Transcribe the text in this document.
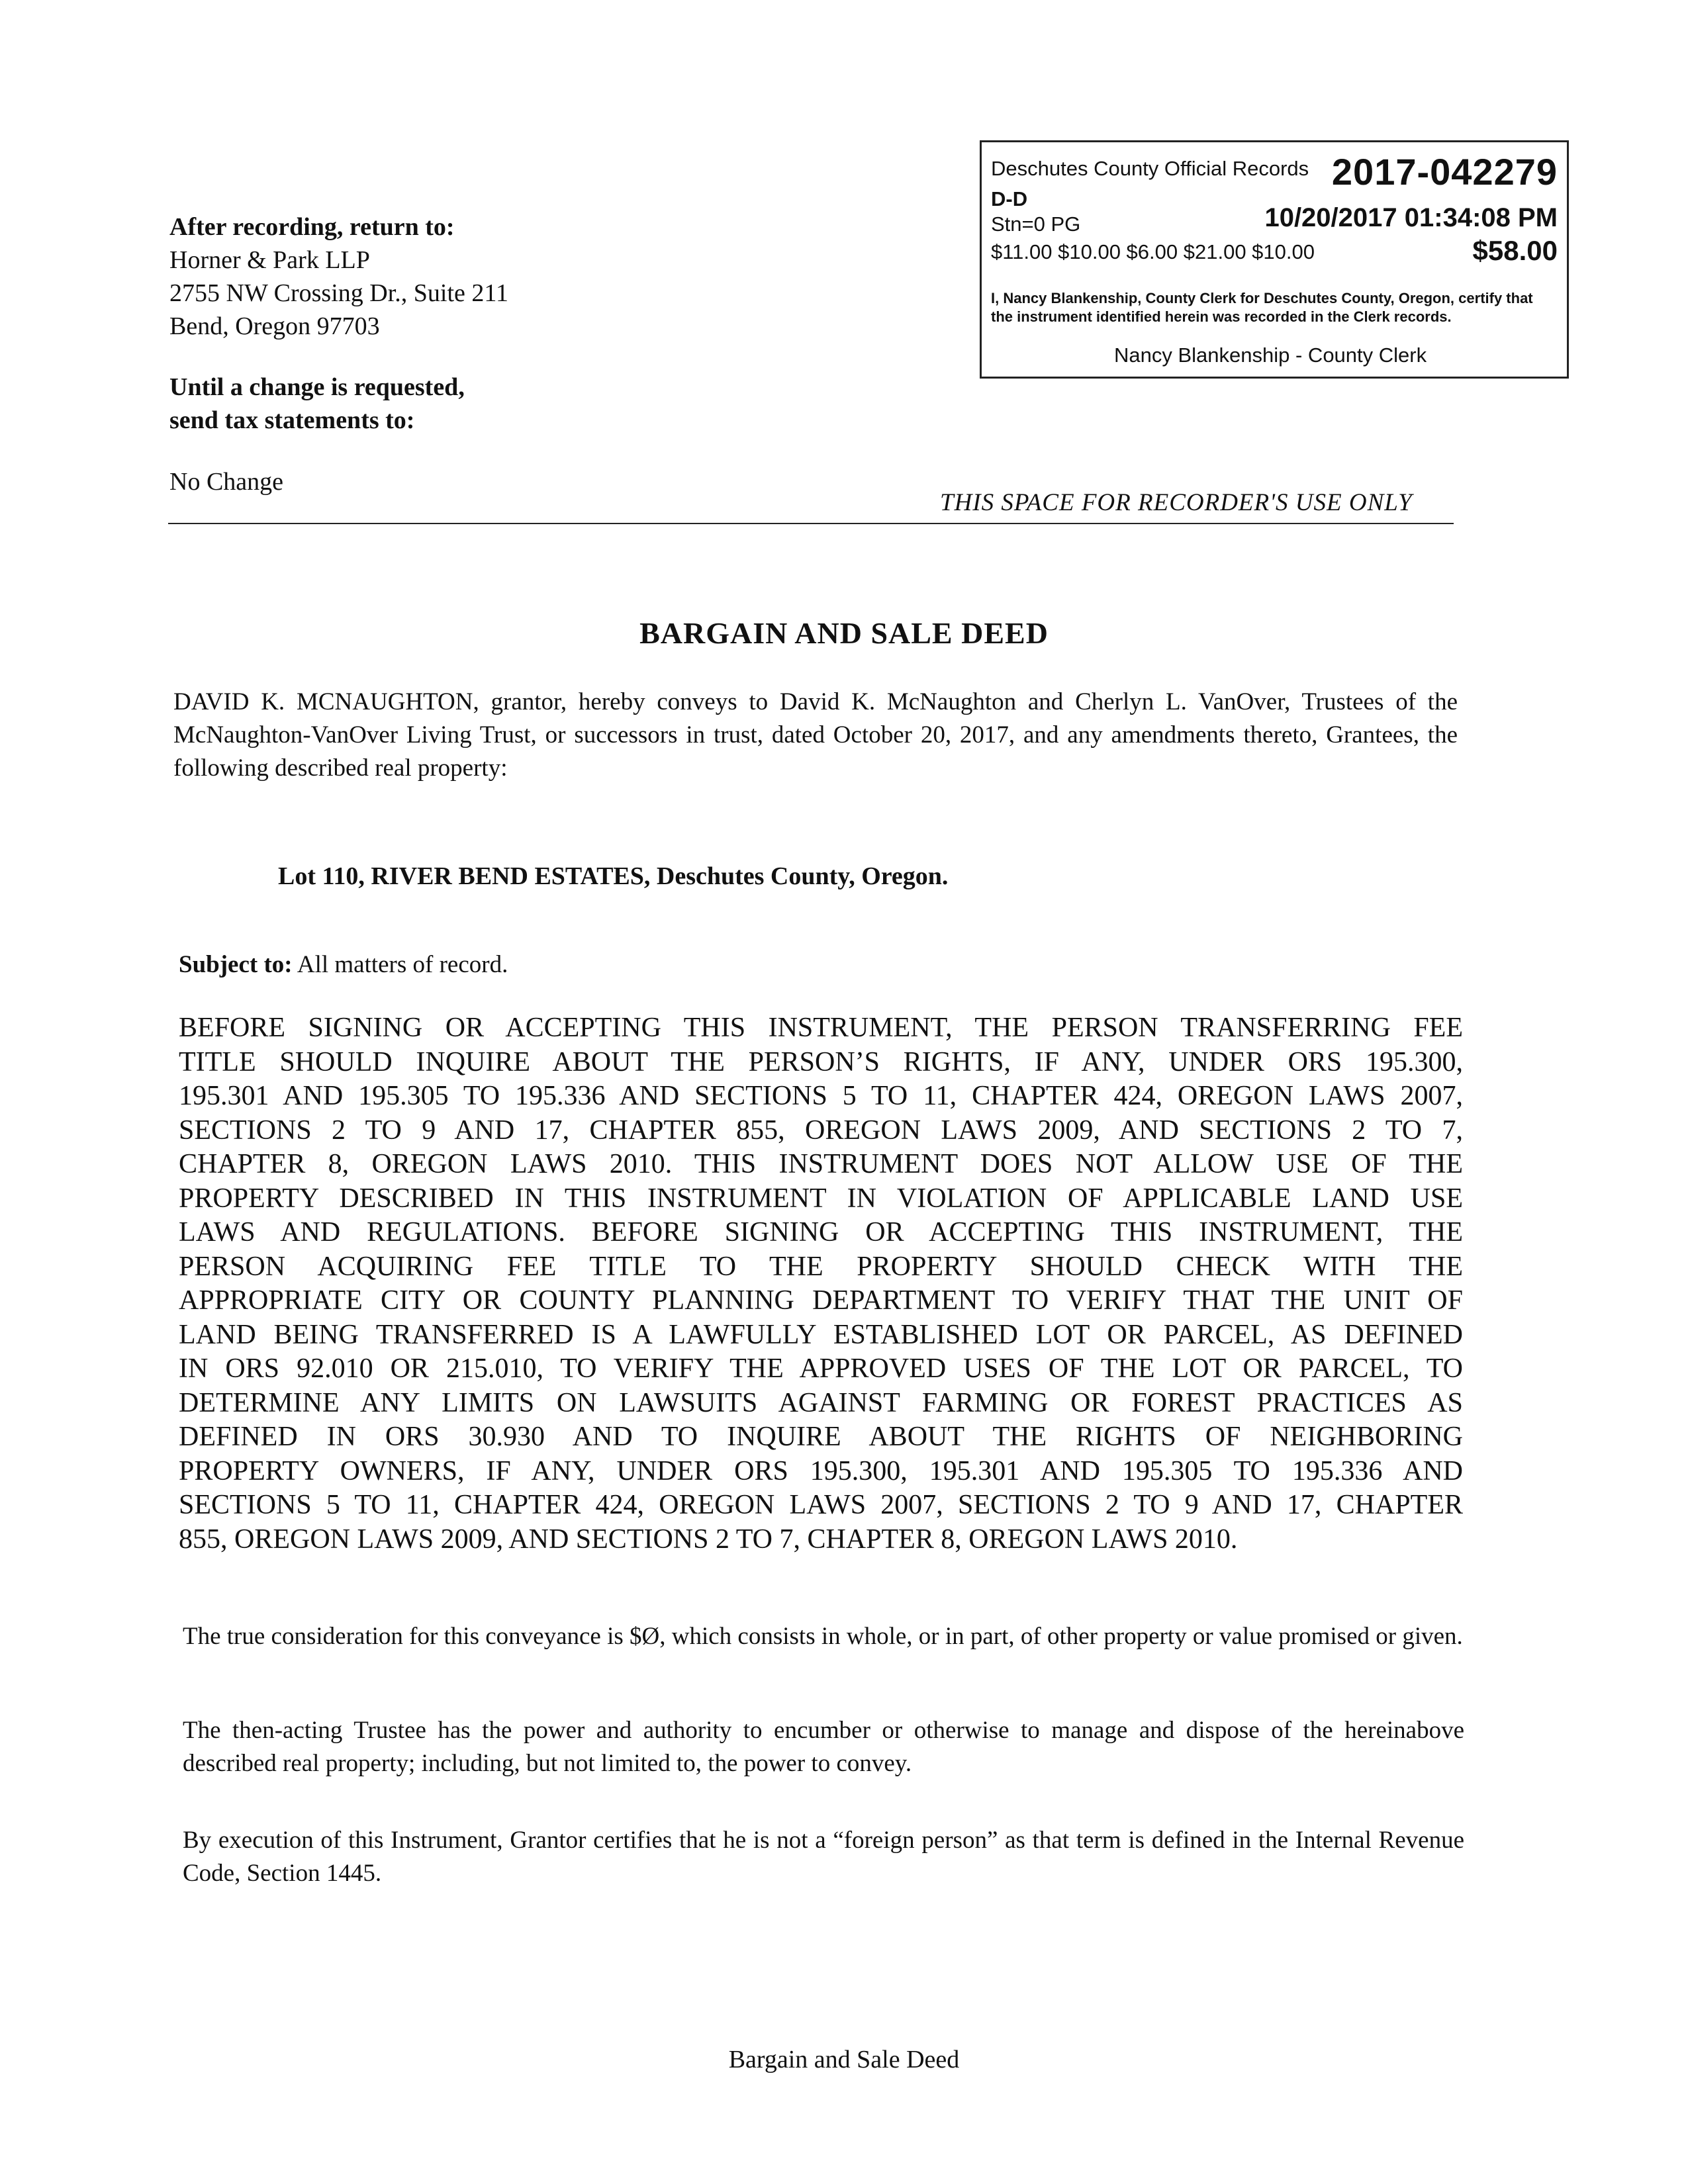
After recording, return to:
Horner & Park LLP
2755 NW Crossing Dr., Suite 211
Bend, Oregon 97703
Until a change is requested,
send tax statements to:
No Change
Deschutes County Official Records 2017-042279
D-D
Stn=0 PG	10/20/2017 01:34:08 PM
$11.00 $10.00 $6.00 $21.00 $10.00	$58.00
I, Nancy Blankenship, County Clerk for Deschutes County, Oregon, certify that the instrument identified herein was recorded in the Clerk records.
Nancy Blankenship - County Clerk
THIS SPACE FOR RECORDER'S USE ONLY
BARGAIN AND SALE DEED
DAVID K. MCNAUGHTON, grantor, hereby conveys to David K. McNaughton and Cherlyn L. VanOver, Trustees of the McNaughton-VanOver Living Trust, or successors in trust, dated October 20, 2017, and any amendments thereto, Grantees, the following described real property:
Lot 110, RIVER BEND ESTATES, Deschutes County, Oregon.
Subject to: All matters of record.
BEFORE SIGNING OR ACCEPTING THIS INSTRUMENT, THE PERSON TRANSFERRING FEE
TITLE SHOULD INQUIRE ABOUT THE PERSON’S RIGHTS, IF ANY, UNDER ORS 195.300,
195.301 AND 195.305 TO 195.336 AND SECTIONS 5 TO 11, CHAPTER 424, OREGON LAWS 2007,
SECTIONS 2 TO 9 AND 17, CHAPTER 855, OREGON LAWS 2009, AND SECTIONS 2 TO 7,
CHAPTER 8, OREGON LAWS 2010. THIS INSTRUMENT DOES NOT ALLOW USE OF THE
PROPERTY DESCRIBED IN THIS INSTRUMENT IN VIOLATION OF APPLICABLE LAND USE
LAWS AND REGULATIONS. BEFORE SIGNING OR ACCEPTING THIS INSTRUMENT, THE
PERSON ACQUIRING FEE TITLE TO THE PROPERTY SHOULD CHECK WITH THE
APPROPRIATE CITY OR COUNTY PLANNING DEPARTMENT TO VERIFY THAT THE UNIT OF
LAND BEING TRANSFERRED IS A LAWFULLY ESTABLISHED LOT OR PARCEL, AS DEFINED
IN ORS 92.010 OR 215.010, TO VERIFY THE APPROVED USES OF THE LOT OR PARCEL, TO
DETERMINE ANY LIMITS ON LAWSUITS AGAINST FARMING OR FOREST PRACTICES AS
DEFINED IN ORS 30.930 AND TO INQUIRE ABOUT THE RIGHTS OF NEIGHBORING
PROPERTY OWNERS, IF ANY, UNDER ORS 195.300, 195.301 AND 195.305 TO 195.336 AND
SECTIONS 5 TO 11, CHAPTER 424, OREGON LAWS 2007, SECTIONS 2 TO 9 AND 17, CHAPTER
855, OREGON LAWS 2009, AND SECTIONS 2 TO 7, CHAPTER 8, OREGON LAWS 2010.
The true consideration for this conveyance is $Ø, which consists in whole, or in part, of other property or value promised or given.
The then-acting Trustee has the power and authority to encumber or otherwise to manage and dispose of the hereinabove described real property; including, but not limited to, the power to convey.
By execution of this Instrument, Grantor certifies that he is not a “foreign person” as that term is defined in the Internal Revenue Code, Section 1445.
Bargain and Sale Deed
